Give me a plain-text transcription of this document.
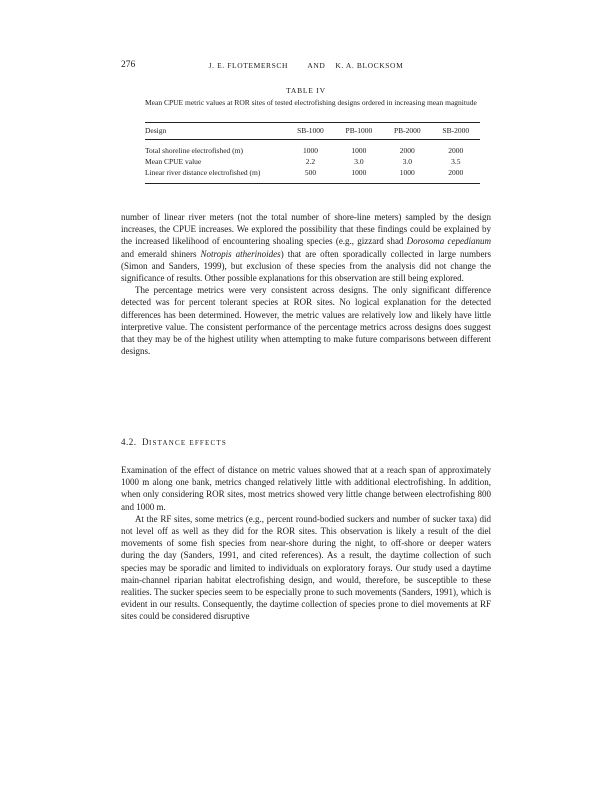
276	J. E. FLOTEMERSCH        AND    K. A. BLOCKSOM
TABLE IV
Mean CPUE metric values at ROR sites of tested electrofishing designs ordered in increasing mean magnitude
Design	SB-1000	PB-1000	PB-2000	SB-2000
Total shoreline electrofished (m)	1000	1000	2000	2000
Mean CPUE value	2.2	3.0	3.0	3.5
Linear river distance electrofished (m)	500	1000	1000	2000

number of linear river meters (not the total number of shore-line meters) sampled by the design increases, the CPUE increases. We explored the possibility that these findings could be explained by the increased likelihood of encountering shoaling species (e.g., gizzard shad Dorosoma cepedianum and emerald shiners Notropis atherinoides) that are often sporadically collected in large numbers (Simon and Sanders, 1999), but exclusion of these species from the analysis did not change the significance of results. Other possible explanations for this observation are still being explored.

The percentage metrics were very consistent across designs. The only significant difference detected was for percent tolerant species at ROR sites. No logical explanation for the detected differences has been determined. However, the metric values are relatively low and likely have little interpretive value. The consistent performance of the percentage metrics across designs does suggest that they may be of the highest utility when attempting to make future comparisons between different designs.

4.2. DISTANCE EFFECTS

Examination of the effect of distance on metric values showed that at a reach span of approximately 1000 m along one bank, metrics changed relatively little with additional electrofishing. In addition, when only considering ROR sites, most metrics showed very little change between electrofishing 800 and 1000 m.

At the RF sites, some metrics (e.g., percent round-bodied suckers and number of sucker taxa) did not level off as well as they did for the ROR sites. This observation is likely a result of the diel movements of some fish species from near-shore during the night, to off-shore or deeper waters during the day (Sanders, 1991, and cited references). As a result, the daytime collection of such species may be sporadic and limited to individuals on exploratory forays. Our study used a daytime main-channel riparian habitat electrofishing design, and would, therefore, be susceptible to these realities. The sucker species seem to be especially prone to such movements (Sanders, 1991), which is evident in our results. Consequently, the daytime collection of species prone to diel movements at RF sites could be considered disruptive
